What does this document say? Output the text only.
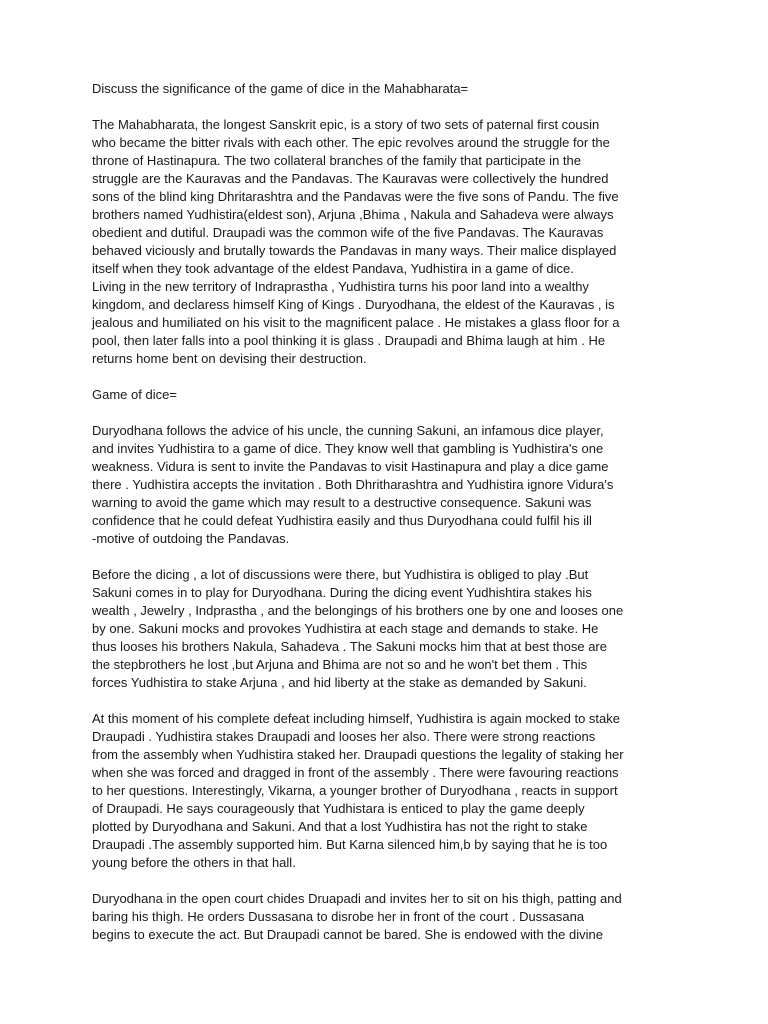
Discuss the significance of the game of dice in the Mahabharata=
The Mahabharata, the longest Sanskrit epic, is a story of two sets of paternal first cousin
who became the bitter rivals with each other. The epic revolves around the struggle for the
throne of Hastinapura. The two collateral branches of the family that participate in the
struggle are the Kauravas and the Pandavas. The Kauravas were collectively the hundred
sons of the blind king Dhritarashtra and the Pandavas were the five sons of Pandu. The five
brothers named Yudhistira(eldest son), Arjuna ,Bhima , Nakula and Sahadeva were always
obedient and dutiful. Draupadi was the common wife of the five Pandavas. The Kauravas
behaved viciously and brutally towards the Pandavas in many ways. Their malice displayed
itself when they took advantage of the eldest Pandava, Yudhistira in a game of dice.
Living in the new territory of Indraprastha , Yudhistira turns his poor land into a wealthy
kingdom, and declaress himself King of Kings . Duryodhana, the eldest of the Kauravas , is
jealous and humiliated on his visit to the magnificent palace . He mistakes a glass floor for a
pool, then later falls into a pool thinking it is glass . Draupadi and Bhima laugh at him . He
returns home bent on devising their destruction.
Game of dice=
Duryodhana follows the advice of his uncle, the cunning Sakuni, an infamous dice player,
and invites Yudhistira to a game of dice. They know well that gambling is Yudhistira's one
weakness. Vidura is sent to invite the Pandavas to visit Hastinapura and play a dice game
there . Yudhistira accepts the invitation . Both Dhritharashtra and Yudhistira ignore Vidura's
warning to avoid the game which may result to a destructive consequence. Sakuni was
confidence that he could defeat Yudhistira easily and thus Duryodhana could fulfil his ill
-motive of outdoing the Pandavas.
Before the dicing , a lot of discussions were there, but Yudhistira is obliged to play .But
Sakuni comes in to play for Duryodhana. During the dicing event Yudhishtira stakes his
wealth , Jewelry , Indprastha , and the belongings of his brothers one by one and looses one
by one. Sakuni mocks and provokes Yudhistira at each stage and demands to stake. He
thus looses his brothers Nakula, Sahadeva . The Sakuni mocks him that at best those are
the stepbrothers he lost ,but Arjuna and Bhima are not so and he won't bet them . This
forces Yudhistira to stake Arjuna , and hid liberty at the stake as demanded by Sakuni.
At this moment of his complete defeat including himself, Yudhistira is again mocked to stake
Draupadi . Yudhistira stakes Draupadi and looses her also. There were strong reactions
from the assembly when Yudhistira staked her. Draupadi questions the legality of staking her
when she was forced and dragged in front of the assembly . There were favouring reactions
to her questions. Interestingly, Vikarna, a younger brother of Duryodhana , reacts in support
of Draupadi. He says courageously that Yudhistara is enticed to play the game deeply
plotted by Duryodhana and Sakuni. And that a lost Yudhistira has not the right to stake
Draupadi .The assembly supported him. But Karna silenced him,b by saying that he is too
young before the others in that hall.
Duryodhana in the open court chides Druapadi and invites her to sit on his thigh, patting and
baring his thigh. He orders Dussasana to disrobe her in front of the court . Dussasana
begins to execute the act. But Draupadi cannot be bared. She is endowed with the divine
